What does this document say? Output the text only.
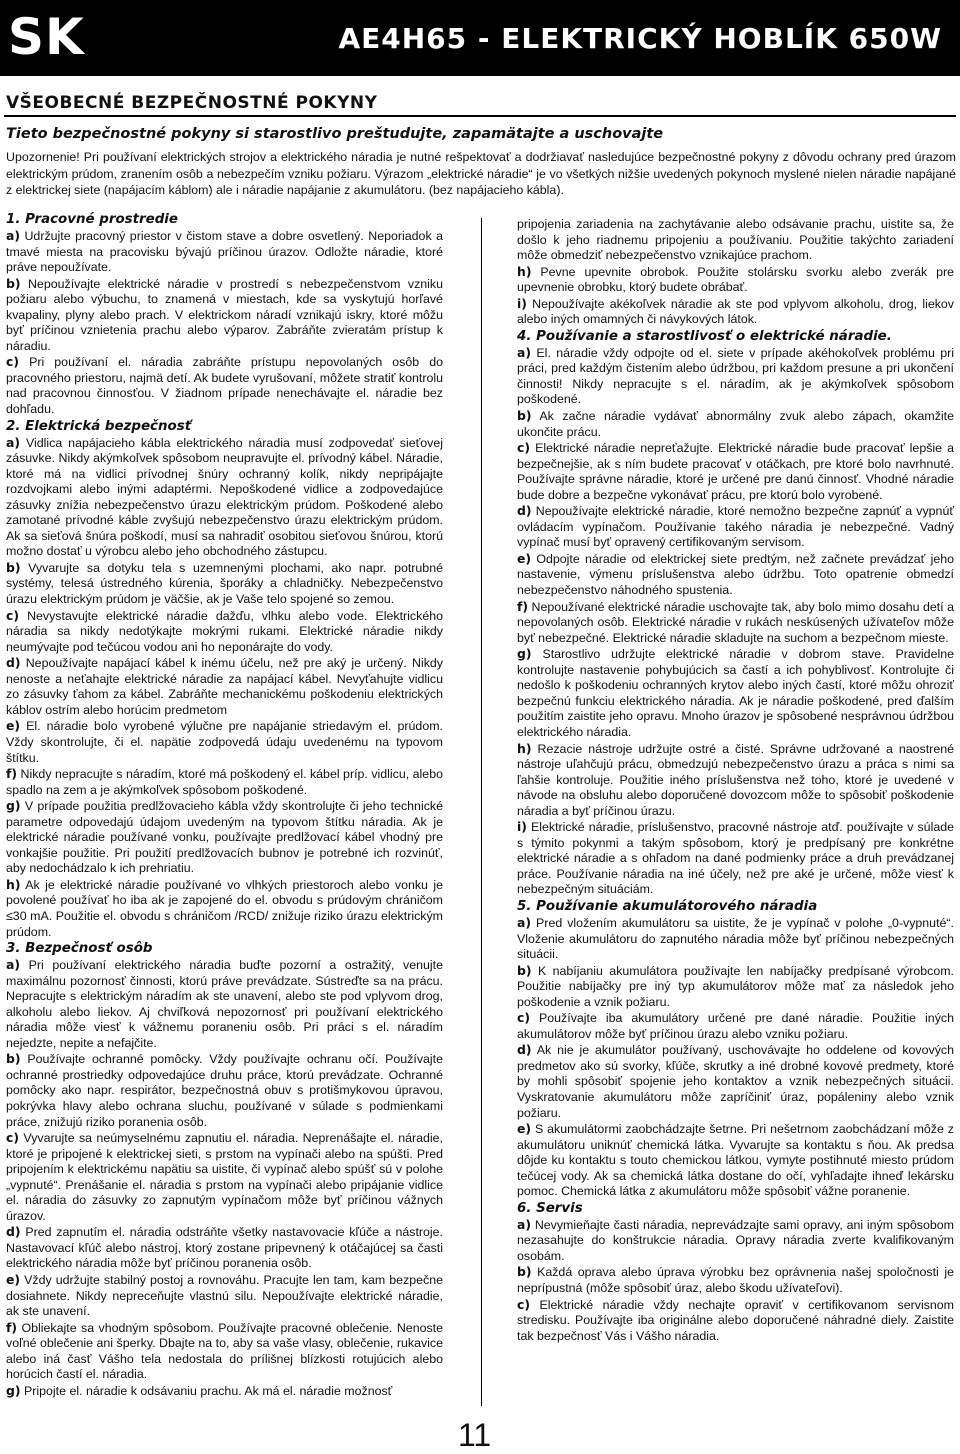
SK	AE4H65 - ELEKTRICKÝ HOBLÍK 650W
VŠEOBECNÉ BEZPEČNOSTNÉ POKYNY
Tieto bezpečnostné pokyny si starostlivo preštudujte, zapamätajte a uschovajte
Upozornenie! Pri používaní elektrických strojov a elektrického náradia je nutné rešpektovať a dodržiavať nasledujúce bezpečnostné pokyny z dôvodu ochrany pred úrazom elektrickým prúdom, zranením osôb a nebezpečím vzniku požiaru. Výrazom „elektrické náradie“ je vo všetkých nižšie uvedených pokynoch myslené nielen náradie napájané z elektrickej siete (napájacím káblom) ale i náradie napájanie z akumulátoru. (bez napájacieho kábla).

1. Pracovné prostredie

a) Udržujte pracovný priestor v čistom stave a dobre osvetlený. Neporiadok a tmavé miesta na pracovisku bývajú príčinou úrazov. Odložte náradie, ktoré práve nepoužívate.

b) Nepoužívajte elektrické náradie v prostredí s nebezpečenstvom vzniku požiaru alebo výbuchu, to znamená v miestach, kde sa vyskytujú horľavé kvapaliny, plyny alebo prach. V elektrickom náradí vznikajú iskry, ktoré môžu byť príčinou vznietenia prachu alebo výparov. Zabráňte zvieratám prístup k náradiu.

c) Pri používaní el. náradia zabráňte prístupu nepovolaných osôb do pracovného priestoru, najmä detí. Ak budete vyrušovaní, môžete stratiť kontrolu nad pracovnou činnosťou. V žiadnom prípade nenechávajte el. náradie bez dohľadu.

2. Elektrická bezpečnosť

a) Vidlica napájacieho kábla elektrického náradia musí zodpovedať sieťovej zásuvke. Nikdy akýmkoľvek spôsobom neupravujte el. prívodný kábel. Náradie, ktoré má na vidlici prívodnej šnúry ochranný kolík, nikdy nepripájajte rozdvojkami alebo inými adaptérmi. Nepoškodené vidlice a zodpovedajúce zásuvky znížia nebezpečenstvo úrazu elektrickým prúdom. Poškodené alebo zamotané prívodné káble zvyšujú nebezpečenstvo úrazu elektrickým prúdom. Ak sa sieťová šnúra poškodí, musí sa nahradiť osobitou sieťovou šnúrou, ktorú možno dostať u výrobcu alebo jeho obchodného zástupcu.

b) Vyvarujte sa dotyku tela s uzemnenými plochami, ako napr. potrubné systémy, telesá ústredného kúrenia, šporáky a chladničky. Nebezpečenstvo úrazu elektrickým prúdom je väčšie, ak je Vaše telo spojené so zemou.

c) Nevystavujte elektrické náradie dažďu, vlhku alebo vode. Elektrického náradia sa nikdy nedotýkajte mokrými rukami. Elektrické náradie nikdy neumývajte pod tečúcou vodou ani ho neponárajte do vody.

d) Nepoužívajte napájací kábel k inému účelu, než pre aký je určený. Nikdy nenoste a neťahajte elektrické náradie za napájací kábel. Nevyťahujte vidlicu zo zásuvky ťahom za kábel. Zabráňte mechanickému poškodeniu elektrických káblov ostrím alebo horúcim predmetom

e) El. náradie bolo vyrobené výlučne pre napájanie striedavým el. prúdom. Vždy skontrolujte, či el. napätie zodpovedá údaju uvedenému na typovom štítku.

f) Nikdy nepracujte s náradím, ktoré má poškodený el. kábel príp. vidlicu, alebo spadlo na zem a je akýmkoľvek spôsobom poškodené.

g) V prípade použitia predlžovacieho kábla vždy skontrolujte či jeho technické parametre odpovedajú údajom uvedeným na typovom štítku náradia. Ak je elektrické náradie používané vonku, používajte predlžovací kábel vhodný pre vonkajšie použitie. Pri použití predlžovacích bubnov je potrebné ich rozvinúť, aby nedochádzalo k ich prehriatiu.

h) Ak je elektrické náradie používané vo vlhkých priestoroch alebo vonku je povolené používať ho iba ak je zapojené do el. obvodu s prúdovým chráničom ≤30 mA. Použitie el. obvodu s chráničom /RCD/ znižuje riziko úrazu elektrickým prúdom.

3. Bezpečnosť osôb

a) Pri používaní elektrického náradia buďte pozorní a ostražitý, venujte maximálnu pozornosť činnosti, ktorú práve prevádzate. Sústreďte sa na prácu. Nepracujte s elektrickým náradím ak ste unavení, alebo ste pod vplyvom drog, alkoholu alebo liekov. Aj chviľková nepozornosť pri používaní elektrického náradia môže viesť k vážnemu poraneniu osôb. Pri práci s el. náradím nejedzte, nepite a nefajčite.

b) Používajte ochranné pomôcky. Vždy používajte ochranu očí. Používajte ochranné prostriedky odpovedajúce druhu práce, ktorú prevádzate. Ochranné pomôcky ako napr. respirátor, bezpečnostná obuv s protišmykovou úpravou, pokrývka hlavy alebo ochrana sluchu, používané v súlade s podmienkami práce, znižujú riziko poranenia osôb.

c) Vyvarujte sa neúmyselnému zapnutiu el. náradia. Neprenášajte el. náradie, ktoré je pripojené k elektrickej sieti, s prstom na vypínači alebo na spúšti. Pred pripojením k elektrickému napätiu sa uistite, či vypínač alebo spúšť sú v polohe „vypnuté“. Prenášanie el. náradia s prstom na vypínači alebo pripájanie vidlice el. náradia do zásuvky zo zapnutým vypínačom môže byť príčinou vážnych úrazov.

d) Pred zapnutím el. náradia odstráňte všetky nastavovacie kľúče a nástroje. Nastavovací kľúč alebo nástroj, ktorý zostane pripevnený k otáčajúcej sa časti elektrického náradia môže byť príčinou poranenia osôb.

e) Vždy udržujte stabilný postoj a rovnováhu. Pracujte len tam, kam bezpečne dosiahnete. Nikdy nepreceňujte vlastnú silu. Nepoužívajte elektrické náradie, ak ste unavení.

f) Obliekajte sa vhodným spôsobom. Používajte pracovné oblečenie. Nenoste voľné oblečenie ani šperky. Dbajte na to, aby sa vaše vlasy, oblečenie, rukavice alebo iná časť Vášho tela nedostala do prílišnej blízkosti rotujúcich alebo horúcich častí el. náradia.

g) Pripojte el. náradie k odsávaniu prachu. Ak má el. náradie možnosť

pripojenia zariadenia na zachytávanie alebo odsávanie prachu, uistite sa, že došlo k jeho riadnemu pripojeniu a používaniu. Použitie takýchto zariadení môže obmedziť nebezpečenstvo vznikajúce prachom.

h) Pevne upevnite obrobok. Použite stolársku svorku alebo zverák pre upevnenie obrobku, ktorý budete obrábať.

i) Nepoužívajte akékoľvek náradie ak ste pod vplyvom alkoholu, drog, liekov alebo iných omamných či návykových látok.

4. Používanie a starostlivosť o elektrické náradie.

a) El. náradie vždy odpojte od el. siete v prípade akéhokoľvek problému pri práci, pred každým čistením alebo údržbou, pri každom presune a pri ukončení činnosti! Nikdy nepracujte s el. náradím, ak je akýmkoľvek spôsobom poškodené.

b) Ak začne náradie vydávať abnormálny zvuk alebo zápach, okamžite ukončite prácu.

c) Elektrické náradie nepreťažujte. Elektrické náradie bude pracovať lepšie a bezpečnejšie, ak s ním budete pracovať v otáčkach, pre ktoré bolo navrhnuté. Používajte správne náradie, ktoré je určené pre danú činnosť. Vhodné náradie bude dobre a bezpečne vykonávať prácu, pre ktorú bolo vyrobené.

d) Nepoužívajte elektrické náradie, ktoré nemožno bezpečne zapnúť a vypnúť ovládacím vypínačom. Používanie takého náradia je nebezpečné. Vadný vypínač musí byť opravený certifikovaným servisom.

e) Odpojte náradie od elektrickej siete predtým, než začnete prevádzať jeho nastavenie, výmenu príslušenstva alebo údržbu. Toto opatrenie obmedzí nebezpečenstvo náhodného spustenia.

f) Nepoužívané elektrické náradie uschovajte tak, aby bolo mimo dosahu detí a nepovolaných osôb. Elektrické náradie v rukách neskúsených užívateľov môže byť nebezpečné. Elektrické náradie skladujte na suchom a bezpečnom mieste.

g) Starostlivo udržujte elektrické náradie v dobrom stave. Pravidelne kontrolujte nastavenie pohybujúcich sa častí a ich pohyblivosť. Kontrolujte či nedošlo k poškodeniu ochranných krytov alebo iných častí, ktoré môžu ohroziť bezpečnú funkciu elektrického náradia. Ak je náradie poškodené, pred ďalším použitím zaistite jeho opravu. Mnoho úrazov je spôsobené nesprávnou údržbou elektrického náradia.

h) Rezacie nástroje udržujte ostré a čisté. Správne udržované a naostrené nástroje uľahčujú prácu, obmedzujú nebezpečenstvo úrazu a práca s nimi sa ľahšie kontroluje. Použitie iného príslušenstva než toho, ktoré je uvedené v návode na obsluhu alebo doporučené dovozcom môže to spôsobiť poškodenie náradia a byť príčinou úrazu.

i) Elektrické náradie, príslušenstvo, pracovné nástroje atď. používajte v súlade s týmito pokynmi a takým spôsobom, ktorý je predpísaný pre konkrétne elektrické náradie a s ohľadom na dané podmienky práce a druh prevádzanej práce. Používanie náradia na iné účely, než pre aké je určené, môže viesť k nebezpečným situáciám.

5. Používanie akumulátorového náradia

a) Pred vložením akumulátoru sa uistite, že je vypínač v polohe „0-vypnuté“. Vloženie akumulátoru do zapnutého náradia môže byť príčinou nebezpečných situácii.

b) K nabíjaniu akumulátora používajte len nabíjačky predpísané výrobcom. Použitie nabíjačky pre iný typ akumulátorov môže mať za následok jeho poškodenie a vznik požiaru.

c) Používajte iba akumulátory určené pre dané náradie. Použitie iných akumulátorov môže byť príčinou úrazu alebo vzniku požiaru.

d) Ak nie je akumulátor používaný, uschovávajte ho oddelene od kovových predmetov ako sú svorky, kľúče, skrutky a iné drobné kovové predmety, ktoré by mohli spôsobiť spojenie jeho kontaktov a vznik nebezpečných situácii. Vyskratovanie akumulátoru môže zapríčiniť úraz, popáleniny alebo vznik požiaru.

e) S akumulátormi zaobchádzajte šetrne. Pri nešetrnom zaobchádzaní môže z akumulátoru uniknúť chemická látka. Vyvarujte sa kontaktu s ňou. Ak predsa dôjde ku kontaktu s touto chemickou látkou, vymyte postihnuté miesto prúdom tečúcej vody. Ak sa chemická látka dostane do očí, vyhľadajte ihneď lekársku pomoc. Chemická látka z akumulátoru môže spôsobiť vážne poranenie.

6. Servis

a) Nevymieňajte časti náradia, neprevádzajte sami opravy, ani iným spôsobom nezasahujte do konštrukcie náradia. Opravy náradia zverte kvalifikovaným osobám.

b) Každá oprava alebo úprava výrobku bez oprávnenia našej spoločnosti je neprípustná (môže spôsobiť úraz, alebo škodu užívateľovi).

c) Elektrické náradie vždy nechajte opraviť v certifikovanom servisnom stredisku. Používajte iba originálne alebo doporučené náhradné diely. Zaistite tak bezpečnosť Vás i Vášho náradia.

11
